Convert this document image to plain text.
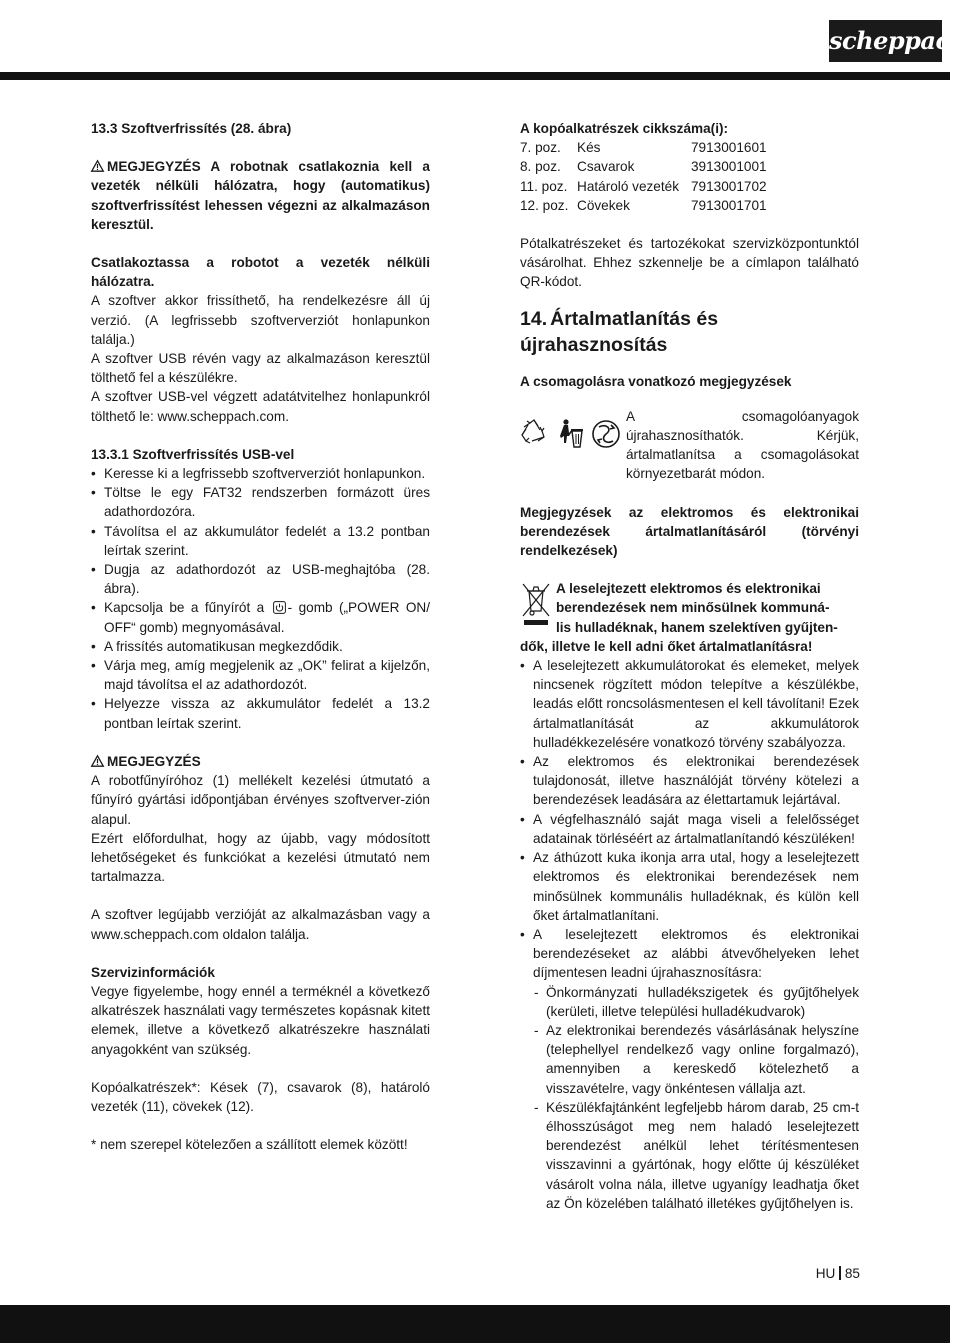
scheppach

13.3 Szoftverfrissítés (28. ábra)

MEGJEGYZÉS A robotnak csatlakoznia kell a vezeték nélküli hálózatra, hogy (automatikus) szoftverfrissítést lehessen végezni az alkalmazáson keresztül.

Csatlakoztassa a robotot a vezeték nélküli hálózatra.

A szoftver akkor frissíthető, ha rendelkezésre áll új verzió. (A legfrissebb szoftververziót honlapunkon találja.)

A szoftver USB révén vagy az alkalmazáson keresztül tölthető fel a készülékre.

A szoftver USB-vel végzett adatátvitelhez honlapunkról tölthető le: www.scheppach.com.

13.3.1 Szoftverfrissítés USB-vel

• Keresse ki a legfrissebb szoftververziót honlapunkon.
• Töltse le egy FAT32 rendszerben formázott üres adathordozóra.
• Távolítsa el az akkumulátor fedelét a 13.2 pontban leírtak szerint.
• Dugja az adathordozót az USB-meghajtóba (28. ábra).
• Kapcsolja be a fűnyírót a - gomb („POWER ON/ OFF“ gomb) megnyomásával.
• A frissítés automatikusan megkezdődik.
• Várja meg, amíg megjelenik az „OK” felirat a kijelzőn, majd távolítsa el az adathordozót.
• Helyezze vissza az akkumulátor fedelét a 13.2 pontban leírtak szerint.

MEGJEGYZÉS

A robotfűnyíróhoz (1) mellékelt kezelési útmutató a fűnyíró gyártási időpontjában érvényes szoftverver-zión alapul.

Ezért előfordulhat, hogy az újabb, vagy módosított lehetőségeket és funkciókat a kezelési útmutató nem tartalmazza.

A szoftver legújabb verzióját az alkalmazásban vagy a www.scheppach.com oldalon találja.

Szervizinformációk

Vegye figyelembe, hogy ennél a terméknél a következő alkatrészek használati vagy természetes kopásnak kitett elemek, illetve a következő alkatrészekre használati anyagokként van szükség.

Kopóalkatrészek*: Kések (7), csavarok (8), határoló vezeték (11), cövekek (12).

* nem szerepel kötelezően a szállított elemek között!

A kopóalkatrészek cikkszáma(i):

7. poz.	Kés	7913001601
8. poz.	Csavarok	3913001001
11. poz.	Határoló vezeték	7913001702
12. poz.	Cövekek	7913001701

Pótalkatrészeket és tartozékokat szervizközpontunktól vásárolhat. Ehhez szkennelje be a címlapon található QR-kódot.

14. Ártalmatlanítás és újrahasznosítás

A csomagolásra vonatkozó megjegyzések

A csomagolóanyagok újrahasznosíthatók. Kérjük, ártalmatlanítsa a csomagolásokat környezetbarát módon.

Megjegyzések az elektromos és elektronikai berendezések ártalmatlanításáról (törvényi rendelkezések)

A leselejtezett elektromos és elektronikai

berendezések nem minősülnek kommuná-

lis hulladéknak, hanem szelektíven gyűjten-

dők, illetve le kell adni őket ártalmatlanításra!

• A leselejtezett akkumulátorokat és elemeket, melyek nincsenek rögzített módon telepítve a készülékbe, leadás előtt roncsolásmentesen el kell távolítani! Ezek ártalmatlanítását az akkumulátorok hulladékkezelésére vonatkozó törvény szabályozza.
• Az elektromos és elektronikai berendezések tulajdonosát, illetve használóját törvény kötelezi a berendezések leadására az élettartamuk lejártával.
• A végfelhasználó saját maga viseli a felelősséget adatainak törléséért az ártalmatlanítandó készüléken!
• Az áthúzott kuka ikonja arra utal, hogy a leselejtezett elektromos és elektronikai berendezések nem minősülnek kommunális hulladéknak, és külön kell őket ártalmatlanítani.
• A leselejtezett elektromos és elektronikai berendezéseket az alábbi átvevőhelyeken lehet díjmentesen leadni újrahasznosításra:
- Önkormányzati hulladékszigetek és gyűjtőhelyek (kerületi, illetve települési hulladékudvarok)
- Az elektronikai berendezés vásárlásának helyszíne (telephellyel rendelkező vagy online forgalmazó), amennyiben a kereskedő kötelezhető a visszavételre, vagy önkéntesen vállalja azt.
- Készülékfajtánként legfeljebb három darab, 25 cm-t élhosszúságot meg nem haladó leselejtezett berendezést anélkül lehet térítésmentesen visszavinni a gyártónak, hogy előtte új készüléket vásárolt volna nála, illetve ugyanígy leadhatja őket az Ön közelében található illetékes gyűjtőhelyen is.
HU 85
